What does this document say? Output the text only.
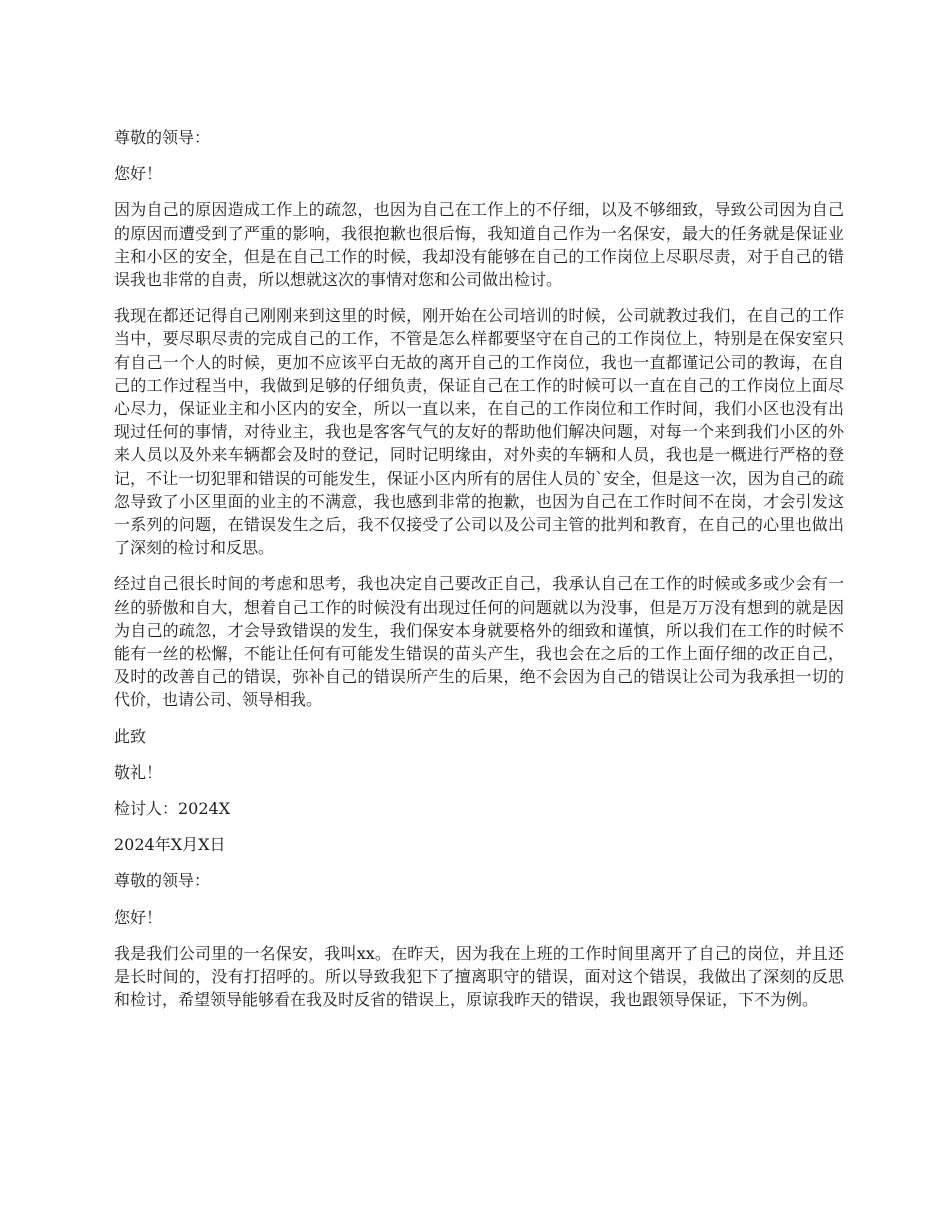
尊敬的领导：

您好！

因为自己的原因造成工作上的疏忽，也因为自己在工作上的不仔细，以及不够细致，导致公司因为自己的原因而遭受到了严重的影响，我很抱歉也很后悔，我知道自己作为一名保安，最大的任务就是保证业主和小区的安全，但是在自己工作的时候，我却没有能够在自己的工作岗位上尽职尽责，对于自己的错误我也非常的自责，所以想就这次的事情对您和公司做出检讨。

我现在都还记得自己刚刚来到这里的时候，刚开始在公司培训的时候，公司就教过我们，在自己的工作当中，要尽职尽责的完成自己的工作，不管是怎么样都要坚守在自己的工作岗位上，特别是在保安室只有自己一个人的时候，更加不应该平白无故的离开自己的工作岗位，我也一直都谨记公司的教诲，在自己的工作过程当中，我做到足够的仔细负责，保证自己在工作的时候可以一直在自己的工作岗位上面尽心尽力，保证业主和小区内的安全，所以一直以来，在自己的工作岗位和工作时间，我们小区也没有出现过任何的事情，对待业主，我也是客客气气的友好的帮助他们解决问题，对每一个来到我们小区的外来人员以及外来车辆都会及时的登记，同时记明缘由，对外卖的车辆和人员，我也是一概进行严格的登记，不让一切犯罪和错误的可能发生，保证小区内所有的居住人员的`安全，但是这一次，因为自己的疏忽导致了小区里面的业主的不满意，我也感到非常的抱歉，也因为自己在工作时间不在岗，才会引发这一系列的问题，在错误发生之后，我不仅接受了公司以及公司主管的批判和教育，在自己的心里也做出了深刻的检讨和反思。

经过自己很长时间的考虑和思考，我也决定自己要改正自己，我承认自己在工作的时候或多或少会有一丝的骄傲和自大，想着自己工作的时候没有出现过任何的问题就以为没事，但是万万没有想到的就是因为自己的疏忽，才会导致错误的发生，我们保安本身就要格外的细致和谨慎，所以我们在工作的时候不能有一丝的松懈，不能让任何有可能发生错误的苗头产生，我也会在之后的工作上面仔细的改正自己，及时的改善自己的错误，弥补自己的错误所产生的后果，绝不会因为自己的错误让公司为我承担一切的代价，也请公司、领导相我。

此致

敬礼！

检讨人：2024X

2024年X月X日

尊敬的领导：

您好！

我是我们公司里的一名保安，我叫xx。在昨天，因为我在上班的工作时间里离开了自己的岗位，并且还是长时间的，没有打招呼的。所以导致我犯下了擅离职守的错误，面对这个错误，我做出了深刻的反思和检讨，希望领导能够看在我及时反省的错误上，原谅我昨天的错误，我也跟领导保证，下不为例。
